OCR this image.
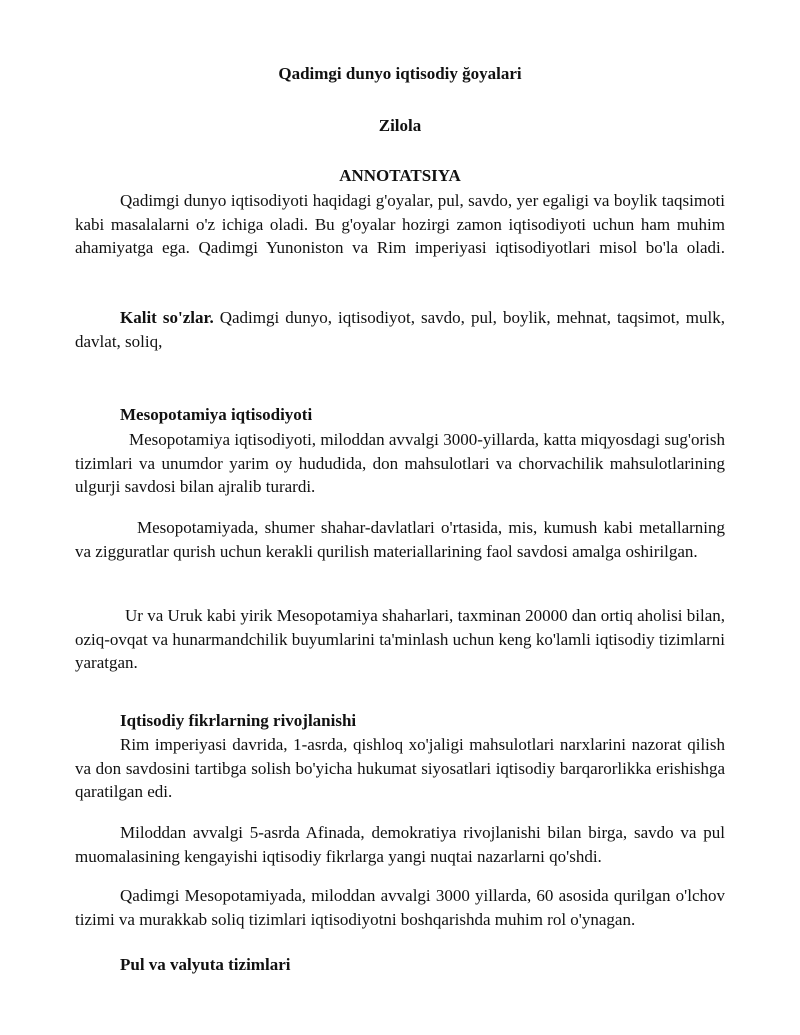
Qadimgi dunyo iqtisodiy ğoyalari
Zilola
ANNOTATSIYA
Qadimgi dunyo iqtisodiyoti haqidagi g'oyalar, pul, savdo, yer egaligi va boylik taqsimoti kabi masalalarni o'z ichiga oladi. Bu g'oyalar hozirgi zamon iqtisodiyoti uchun ham muhim ahamiyatga ega. Qadimgi Yunoniston va Rim imperiyasi iqtisodiyotlari misol bo'la oladi.
Kalit so'zlar. Qadimgi dunyo, iqtisodiyot, savdo, pul, boylik, mehnat, taqsimot, mulk, davlat, soliq,
Mesopotamiya iqtisodiyoti
Mesopotamiya iqtisodiyoti, miloddan avvalgi 3000-yillarda, katta miqyosdagi sug'orish tizimlari va unumdor yarim oy hududida, don mahsulotlari va chorvachilik mahsulotlarining ulgurji savdosi bilan ajralib turardi.
Mesopotamiyada, shumer shahar-davlatlari o'rtasida, mis, kumush kabi metallarning va zigguratlar qurish uchun kerakli qurilish materiallarining faol savdosi amalga oshirilgan.
Ur va Uruk kabi yirik Mesopotamiya shaharlari, taxminan 20000 dan ortiq aholisi bilan, oziq-ovqat va hunarmandchilik buyumlarini ta'minlash uchun keng ko'lamli iqtisodiy tizimlarni yaratgan.
Iqtisodiy fikrlarning rivojlanishi
Rim imperiyasi davrida, 1-asrda, qishloq xo'jaligi mahsulotlari narxlarini nazorat qilish va don savdosini tartibga solish bo'yicha hukumat siyosatlari iqtisodiy barqarorlikka erishishga qaratilgan edi.
Miloddan avvalgi 5-asrda Afinada, demokratiya rivojlanishi bilan birga, savdo va pul muomalasining kengayishi iqtisodiy fikrlarga yangi nuqtai nazarlarni qo'shdi.
Qadimgi Mesopotamiyada, miloddan avvalgi 3000 yillarda, 60 asosida qurilgan o'lchov tizimi va murakkab soliq tizimlari iqtisodiyotni boshqarishda muhim rol o'ynagan.
Pul va valyuta tizimlari
